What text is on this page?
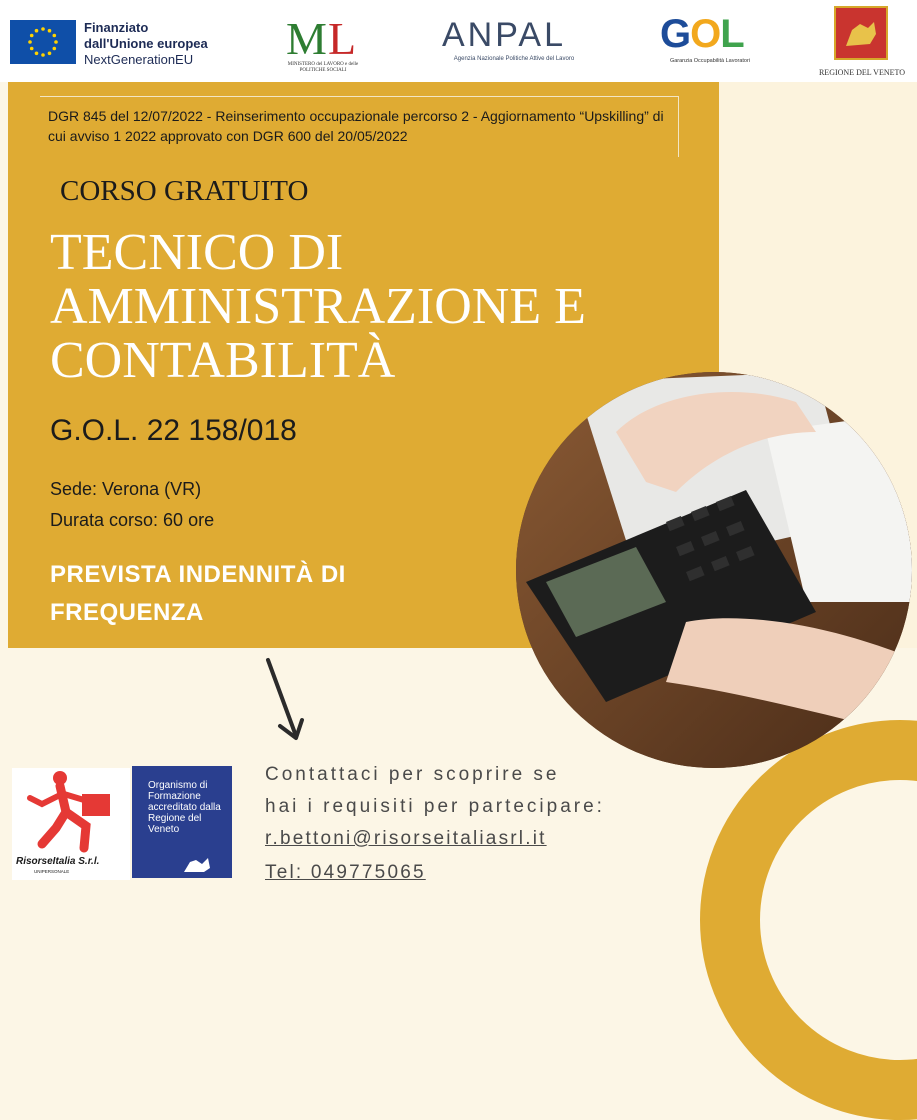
Finanziato
dall'Unione europea
NextGenerationEU	M L
MINISTERO del LAVORO e delle POLITICHE SOCIALI
ANPAL
Agenzia Nazionale Politiche Attive del Lavoro
GOL
Garanzia Occupabilità Lavoratori
REGIONE DEL VENETO
DGR 845 del 12/07/2022 - Reinserimento occupazionale percorso 2 - Aggiornamento “Upskilling” di cui avviso 1 2022 approvato con DGR 600 del 20/05/2022
CORSO GRATUITO
TECNICO DI AMMINISTRAZIONE E CONTABILITÀ
G.O.L. 22 158/018
Sede: Verona (VR)
Durata corso: 60 ore
PREVISTA INDENNITÀ DI FREQUENZA
Contattaci per scoprire se
hai i requisiti per partecipare:
r.bettoni@risorseitaliasrl.it
Tel: 049775065
RisorseItalia S.r.l.
UNIPERSONALE
Organismo di Formazione accreditato dalla Regione del Veneto
